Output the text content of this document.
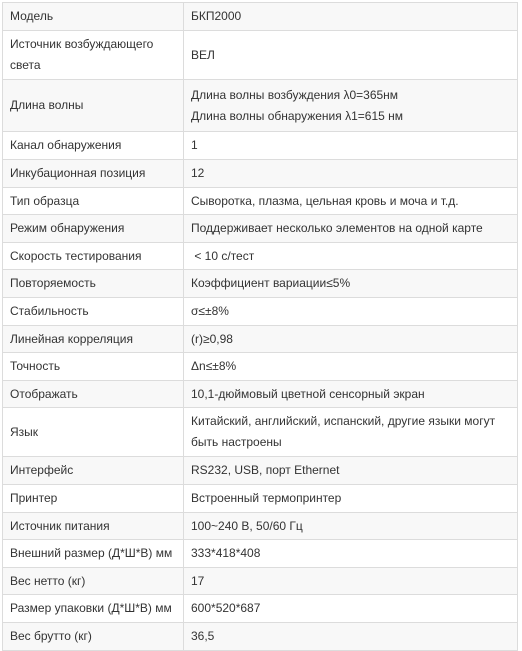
Модель	БКП2000
Источник возбуждающего света	ВЕЛ
Длина волны	Длина волны возбуждения λ0=365нм
Длина волны обнаружения λ1=615 нм
Канал обнаружения	1
Инкубационная позиция	12
Тип образца	Сыворотка, плазма, цельная кровь и моча и т.д.
Режим обнаружения	Поддерживает несколько элементов на одной карте
Скорость тестирования	< 10 с/тест
Повторяемость	Коэффициент вариации≤5%
Стабильность	σ≤±8%
Линейная корреляция	(r)≥0,98
Точность	Δn≤±8%
Отображать	10,1-дюймовый цветной сенсорный экран
Язык	Китайский, английский, испанский, другие языки могут быть настроены
Интерфейс	RS232, USB, порт Ethernet
Принтер	Встроенный термопринтер
Источник питания	100~240 В, 50/60 Гц
Внешний размер (Д*Ш*В) мм	333*418*408
Вес нетто (кг)	17
Размер упаковки (Д*Ш*В) мм	600*520*687
Вес брутто (кг)	36,5
